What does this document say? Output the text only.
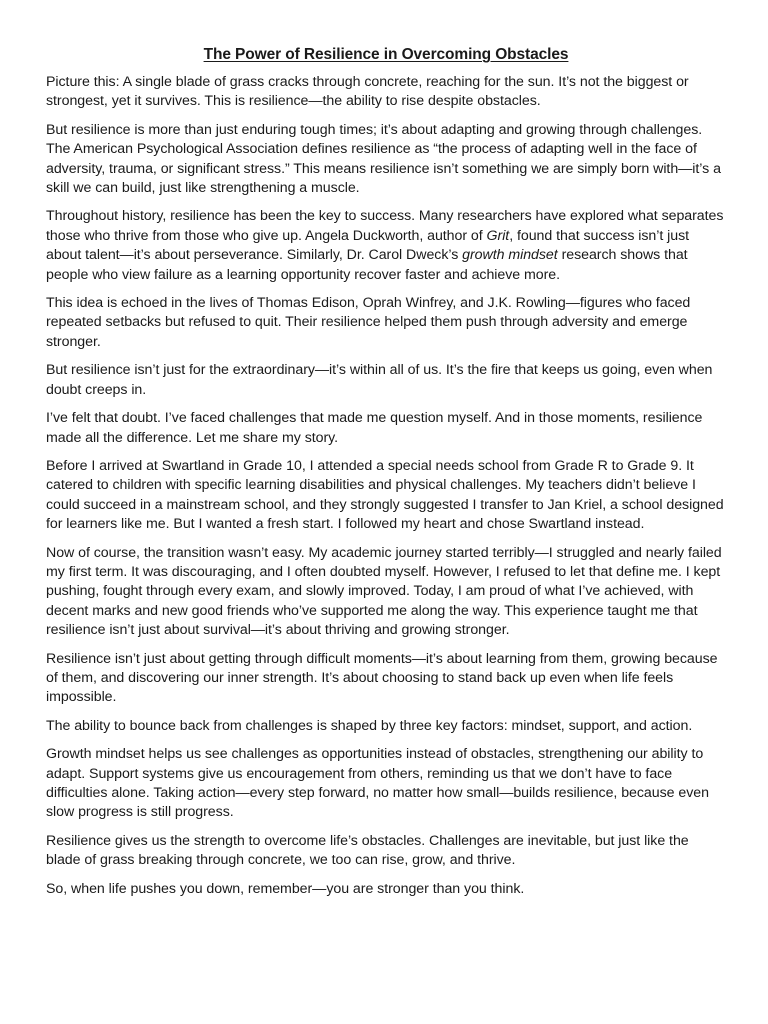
The Power of Resilience in Overcoming Obstacles

Picture this: A single blade of grass cracks through concrete, reaching for the sun. It’s not the biggest or strongest, yet it survives. This is resilience—the ability to rise despite obstacles.

But resilience is more than just enduring tough times; it’s about adapting and growing through challenges. The American Psychological Association defines resilience as “the process of adapting well in the face of adversity, trauma, or significant stress.” This means resilience isn’t something we are simply born with—it’s a skill we can build, just like strengthening a muscle.

Throughout history, resilience has been the key to success. Many researchers have explored what separates those who thrive from those who give up. Angela Duckworth, author of Grit, found that success isn’t just about talent—it’s about perseverance. Similarly, Dr. Carol Dweck’s growth mindset research shows that people who view failure as a learning opportunity recover faster and achieve more.

This idea is echoed in the lives of Thomas Edison, Oprah Winfrey, and J.K. Rowling—figures who faced repeated setbacks but refused to quit. Their resilience helped them push through adversity and emerge stronger.

But resilience isn’t just for the extraordinary—it’s within all of us. It’s the fire that keeps us going, even when doubt creeps in.

I’ve felt that doubt. I’ve faced challenges that made me question myself. And in those moments, resilience made all the difference. Let me share my story.

Before I arrived at Swartland in Grade 10, I attended a special needs school from Grade R to Grade 9. It catered to children with specific learning disabilities and physical challenges. My teachers didn’t believe I could succeed in a mainstream school, and they strongly suggested I transfer to Jan Kriel, a school designed for learners like me. But I wanted a fresh start. I followed my heart and chose Swartland instead.

Now of course, the transition wasn’t easy. My academic journey started terribly—I struggled and nearly failed my first term. It was discouraging, and I often doubted myself. However, I refused to let that define me. I kept pushing, fought through every exam, and slowly improved. Today, I am proud of what I’ve achieved, with decent marks and new good friends who’ve supported me along the way. This experience taught me that resilience isn’t just about survival—it’s about thriving and growing stronger.

Resilience isn’t just about getting through difficult moments—it’s about learning from them, growing because of them, and discovering our inner strength. It’s about choosing to stand back up even when life feels impossible.

The ability to bounce back from challenges is shaped by three key factors: mindset, support, and action.

Growth mindset helps us see challenges as opportunities instead of obstacles, strengthening our ability to adapt. Support systems give us encouragement from others, reminding us that we don’t have to face difficulties alone. Taking action—every step forward, no matter how small—builds resilience, because even slow progress is still progress.

Resilience gives us the strength to overcome life’s obstacles. Challenges are inevitable, but just like the blade of grass breaking through concrete, we too can rise, grow, and thrive.

So, when life pushes you down, remember—you are stronger than you think.
